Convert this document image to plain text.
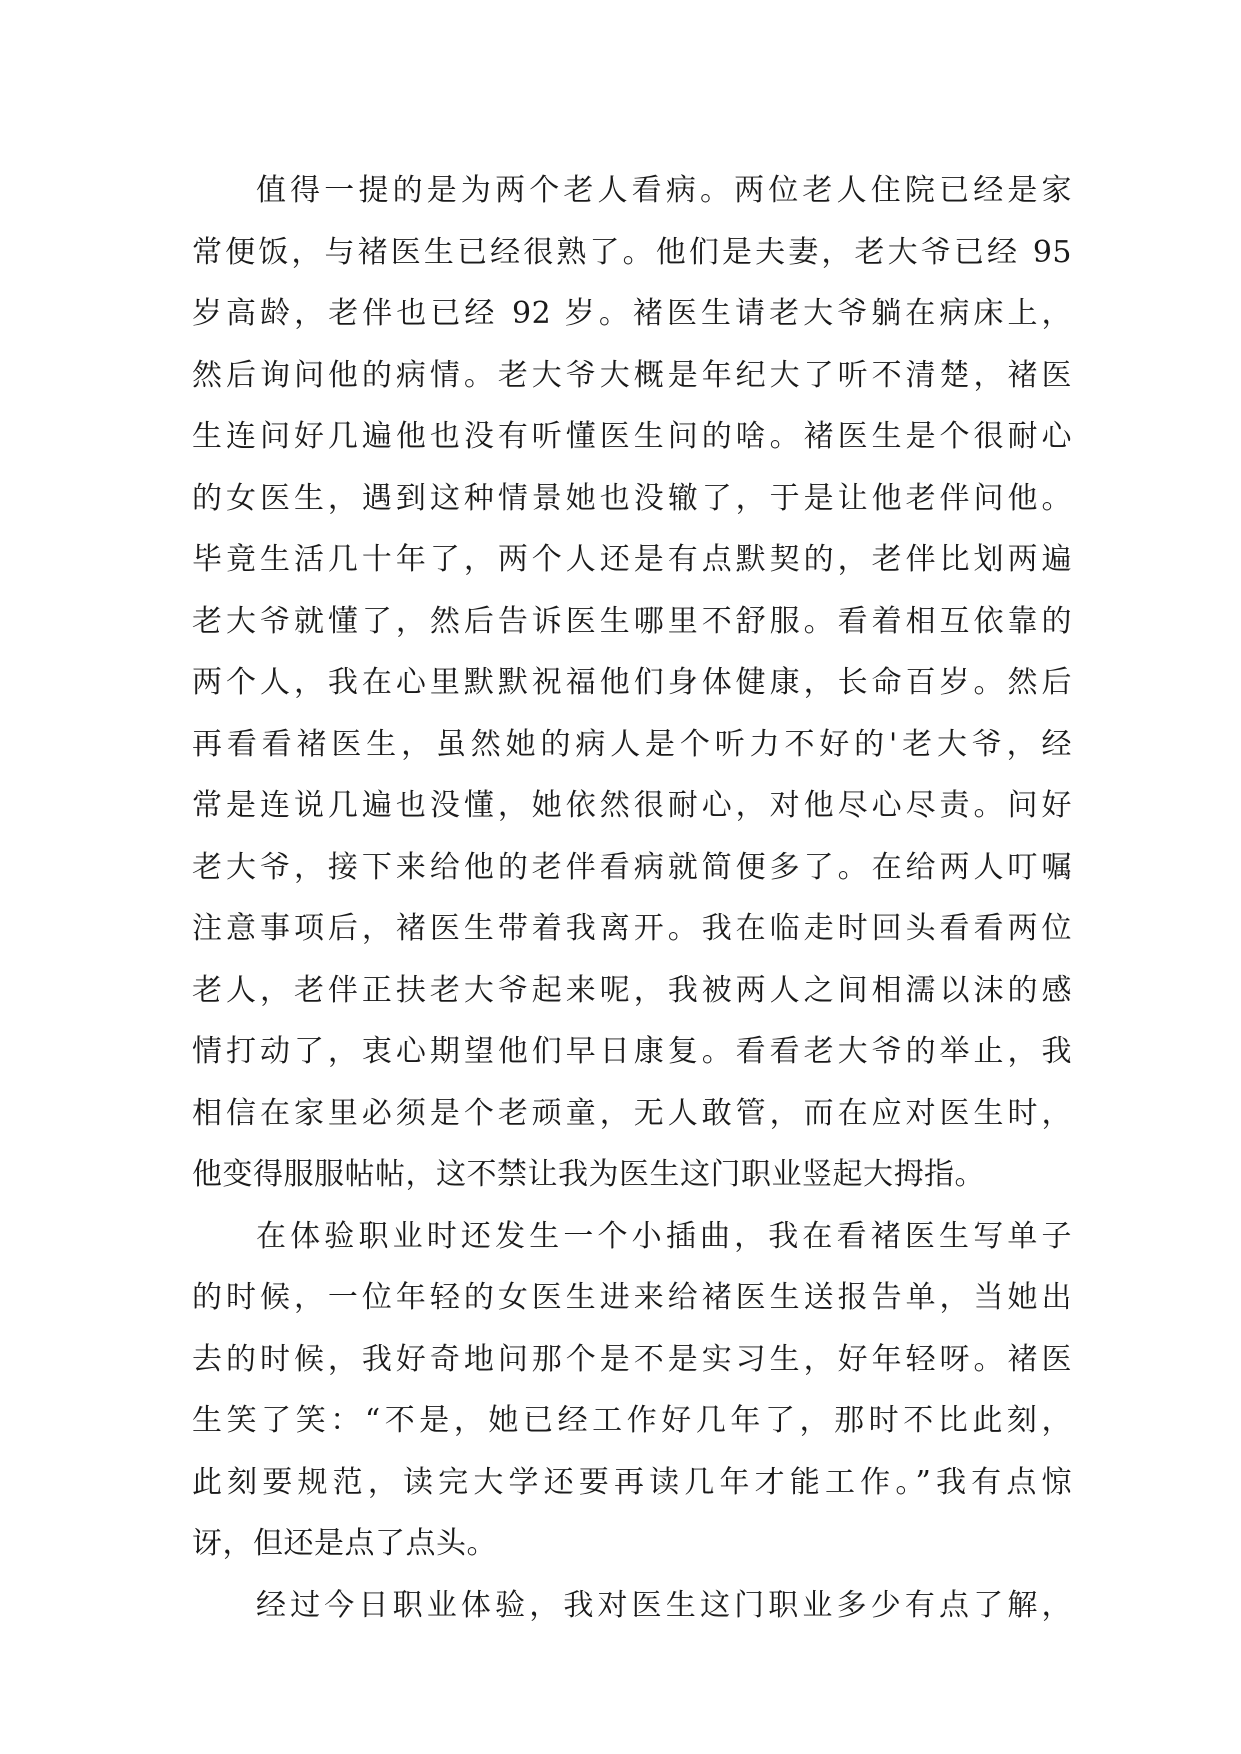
值得一提的是为两个老人看病。两位老人住院已经是家
常便饭，与褚医生已经很熟了。他们是夫妻，老大爷已经 95
岁高龄，老伴也已经 92 岁。褚医生请老大爷躺在病床上，
然后询问他的病情。老大爷大概是年纪大了听不清楚，褚医
生连问好几遍他也没有听懂医生问的啥。褚医生是个很耐心
的女医生，遇到这种情景她也没辙了，于是让他老伴问他。
毕竟生活几十年了，两个人还是有点默契的，老伴比划两遍
老大爷就懂了，然后告诉医生哪里不舒服。看着相互依靠的
两个人，我在心里默默祝福他们身体健康，长命百岁。然后
再看看褚医生，虽然她的病人是个听力不好的'老大爷，经
常是连说几遍也没懂，她依然很耐心，对他尽心尽责。问好
老大爷，接下来给他的老伴看病就简便多了。在给两人叮嘱
注意事项后，褚医生带着我离开。我在临走时回头看看两位
老人，老伴正扶老大爷起来呢，我被两人之间相濡以沫的感
情打动了，衷心期望他们早日康复。看看老大爷的举止，我
相信在家里必须是个老顽童，无人敢管，而在应对医生时，
他变得服服帖帖，这不禁让我为医生这门职业竖起大拇指。
在体验职业时还发生一个小插曲，我在看褚医生写单子
的时候，一位年轻的女医生进来给褚医生送报告单，当她出
去的时候，我好奇地问那个是不是实习生，好年轻呀。褚医
生笑了笑：“不是，她已经工作好几年了，那时不比此刻，
此刻要规范，读完大学还要再读几年才能工作。”我有点惊
讶，但还是点了点头。
经过今日职业体验，我对医生这门职业多少有点了解，
